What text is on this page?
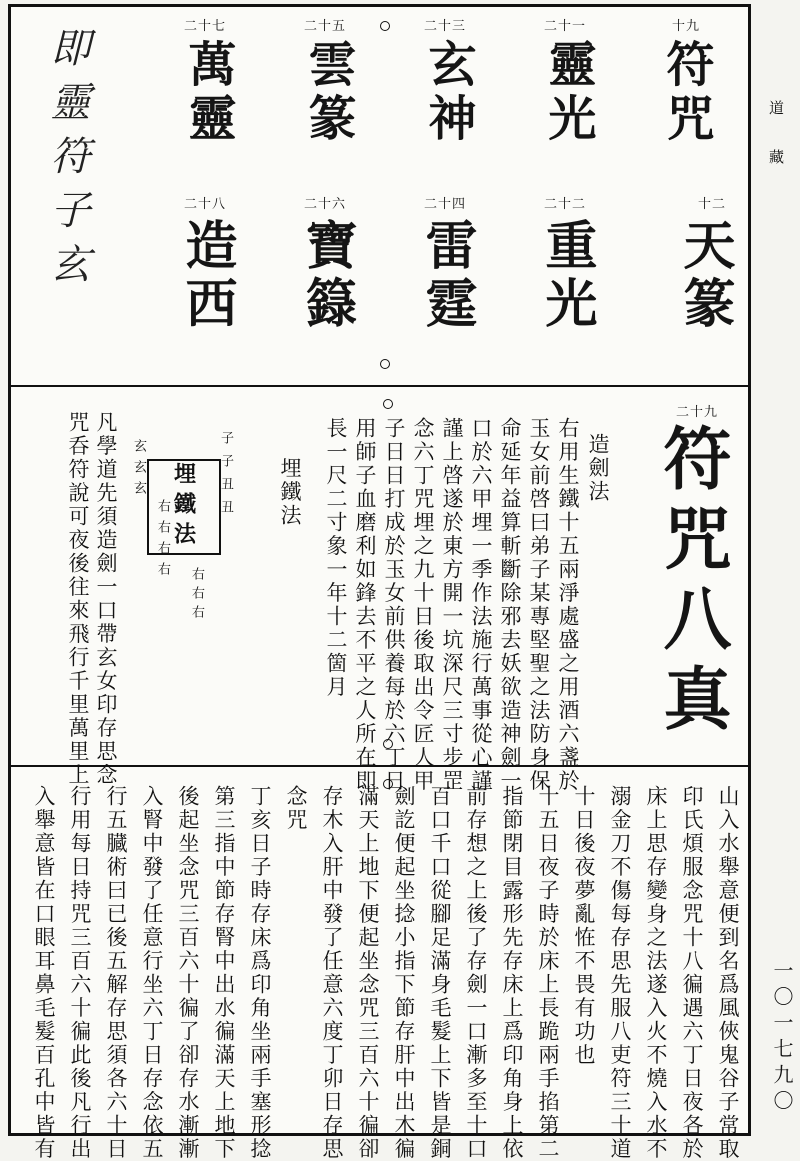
十九
符咒
十二
天篆
二十一
靈光
二十二
重光
二十三
玄神
二十四
雷霆
二十五
雲篆
二十六
寶籙
二十七
萬靈
二十八
造西
即靈符子玄
二十九
符咒八真
造劍法
右用生鐵十五兩淨處盛之用酒六盞於
玉女前啓曰弟子某專堅聖之法防身保
命延年益算斬斷除邪去妖欲造神劍一
口於六甲埋一季作法施行萬事從心謹
謹上啓遂於東方開一坑深尺三寸步罡
念六丁咒埋之九十日後取出令匠人甲
子日日打成於玉女前供養每於六丁日
用師子血磨利如鋒去不平之人所在即
長一尺二寸象一年十二箇月
埋鐵法
子子丑丑
埋鐵法
玄玄玄
右右右
右右右右
凡學道先須造劍一口帶玄女印存思念
咒呑符說可夜後往來飛行千里萬里上
山入水舉意便到名爲風俠鬼谷子常取
印氏煩服念咒十八徧遇六丁日夜各於
床上思存變身之法遂入火不燒入水不
溺金刀不傷每存思先服八吏符三十道
十日後夜夢亂恠不畏有功也
十五日夜子時於床上長跪兩手掐第二
指節閉目露形先存床上爲印角身上依
前存想之上後了存劍一口漸多至十口
百口千口從腳足滿身毛髮上下皆是銅
劍訖便起坐捻小指下節存肝中出木徧
滿天上地下便起坐念咒三百六十徧卻
存木入肝中發了任意六度丁卯日存思
念咒
丁亥日子時存床爲印角坐兩手塞形捻
第三指中節存腎中出水徧滿天上地下
後起坐念咒三百六十徧了卻存水漸漸
入腎中發了任意行坐六丁日存念依五
行五臓術曰已後五解存思須各六十日
行用每日持咒三百六十徧此後凡行出
入舉意皆在口眼耳鼻毛髮百孔中皆有
道藏
一〇一七九〇
